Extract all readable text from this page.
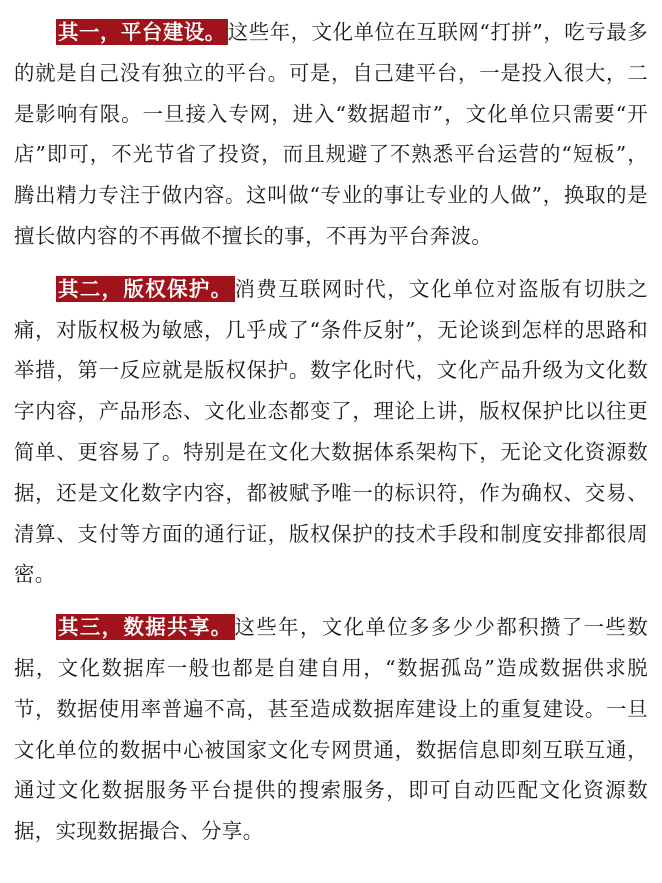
其一，平台建设。这些年，文化单位在互联网“打拼”，吃亏最多的就是自己没有独立的平台。可是，自己建平台，一是投入很大，二是影响有限。一旦接入专网，进入“数据超市”，文化单位只需要“开店”即可，不光节省了投资，而且规避了不熟悉平台运营的“短板”，腾出精力专注于做内容。这叫做“专业的事让专业的人做”，换取的是擅长做内容的不再做不擅长的事，不再为平台奔波。

其二，版权保护。消费互联网时代，文化单位对盗版有切肤之痛，对版权极为敏感，几乎成了“条件反射”，无论谈到怎样的思路和举措，第一反应就是版权保护。数字化时代，文化产品升级为文化数字内容，产品形态、文化业态都变了，理论上讲，版权保护比以往更简单、更容易了。特别是在文化大数据体系架构下，无论文化资源数据，还是文化数字内容，都被赋予唯一的标识符，作为确权、交易、清算、支付等方面的通行证，版权保护的技术手段和制度安排都很周密。

其三，数据共享。这些年，文化单位多多少少都积攒了一些数据，文化数据库一般也都是自建自用，“数据孤岛”造成数据供求脱节，数据使用率普遍不高，甚至造成数据库建设上的重复建设。一旦文化单位的数据中心被国家文化专网贯通，数据信息即刻互联互通，通过文化数据服务平台提供的搜索服务，即可自动匹配文化资源数据，实现数据撮合、分享。
